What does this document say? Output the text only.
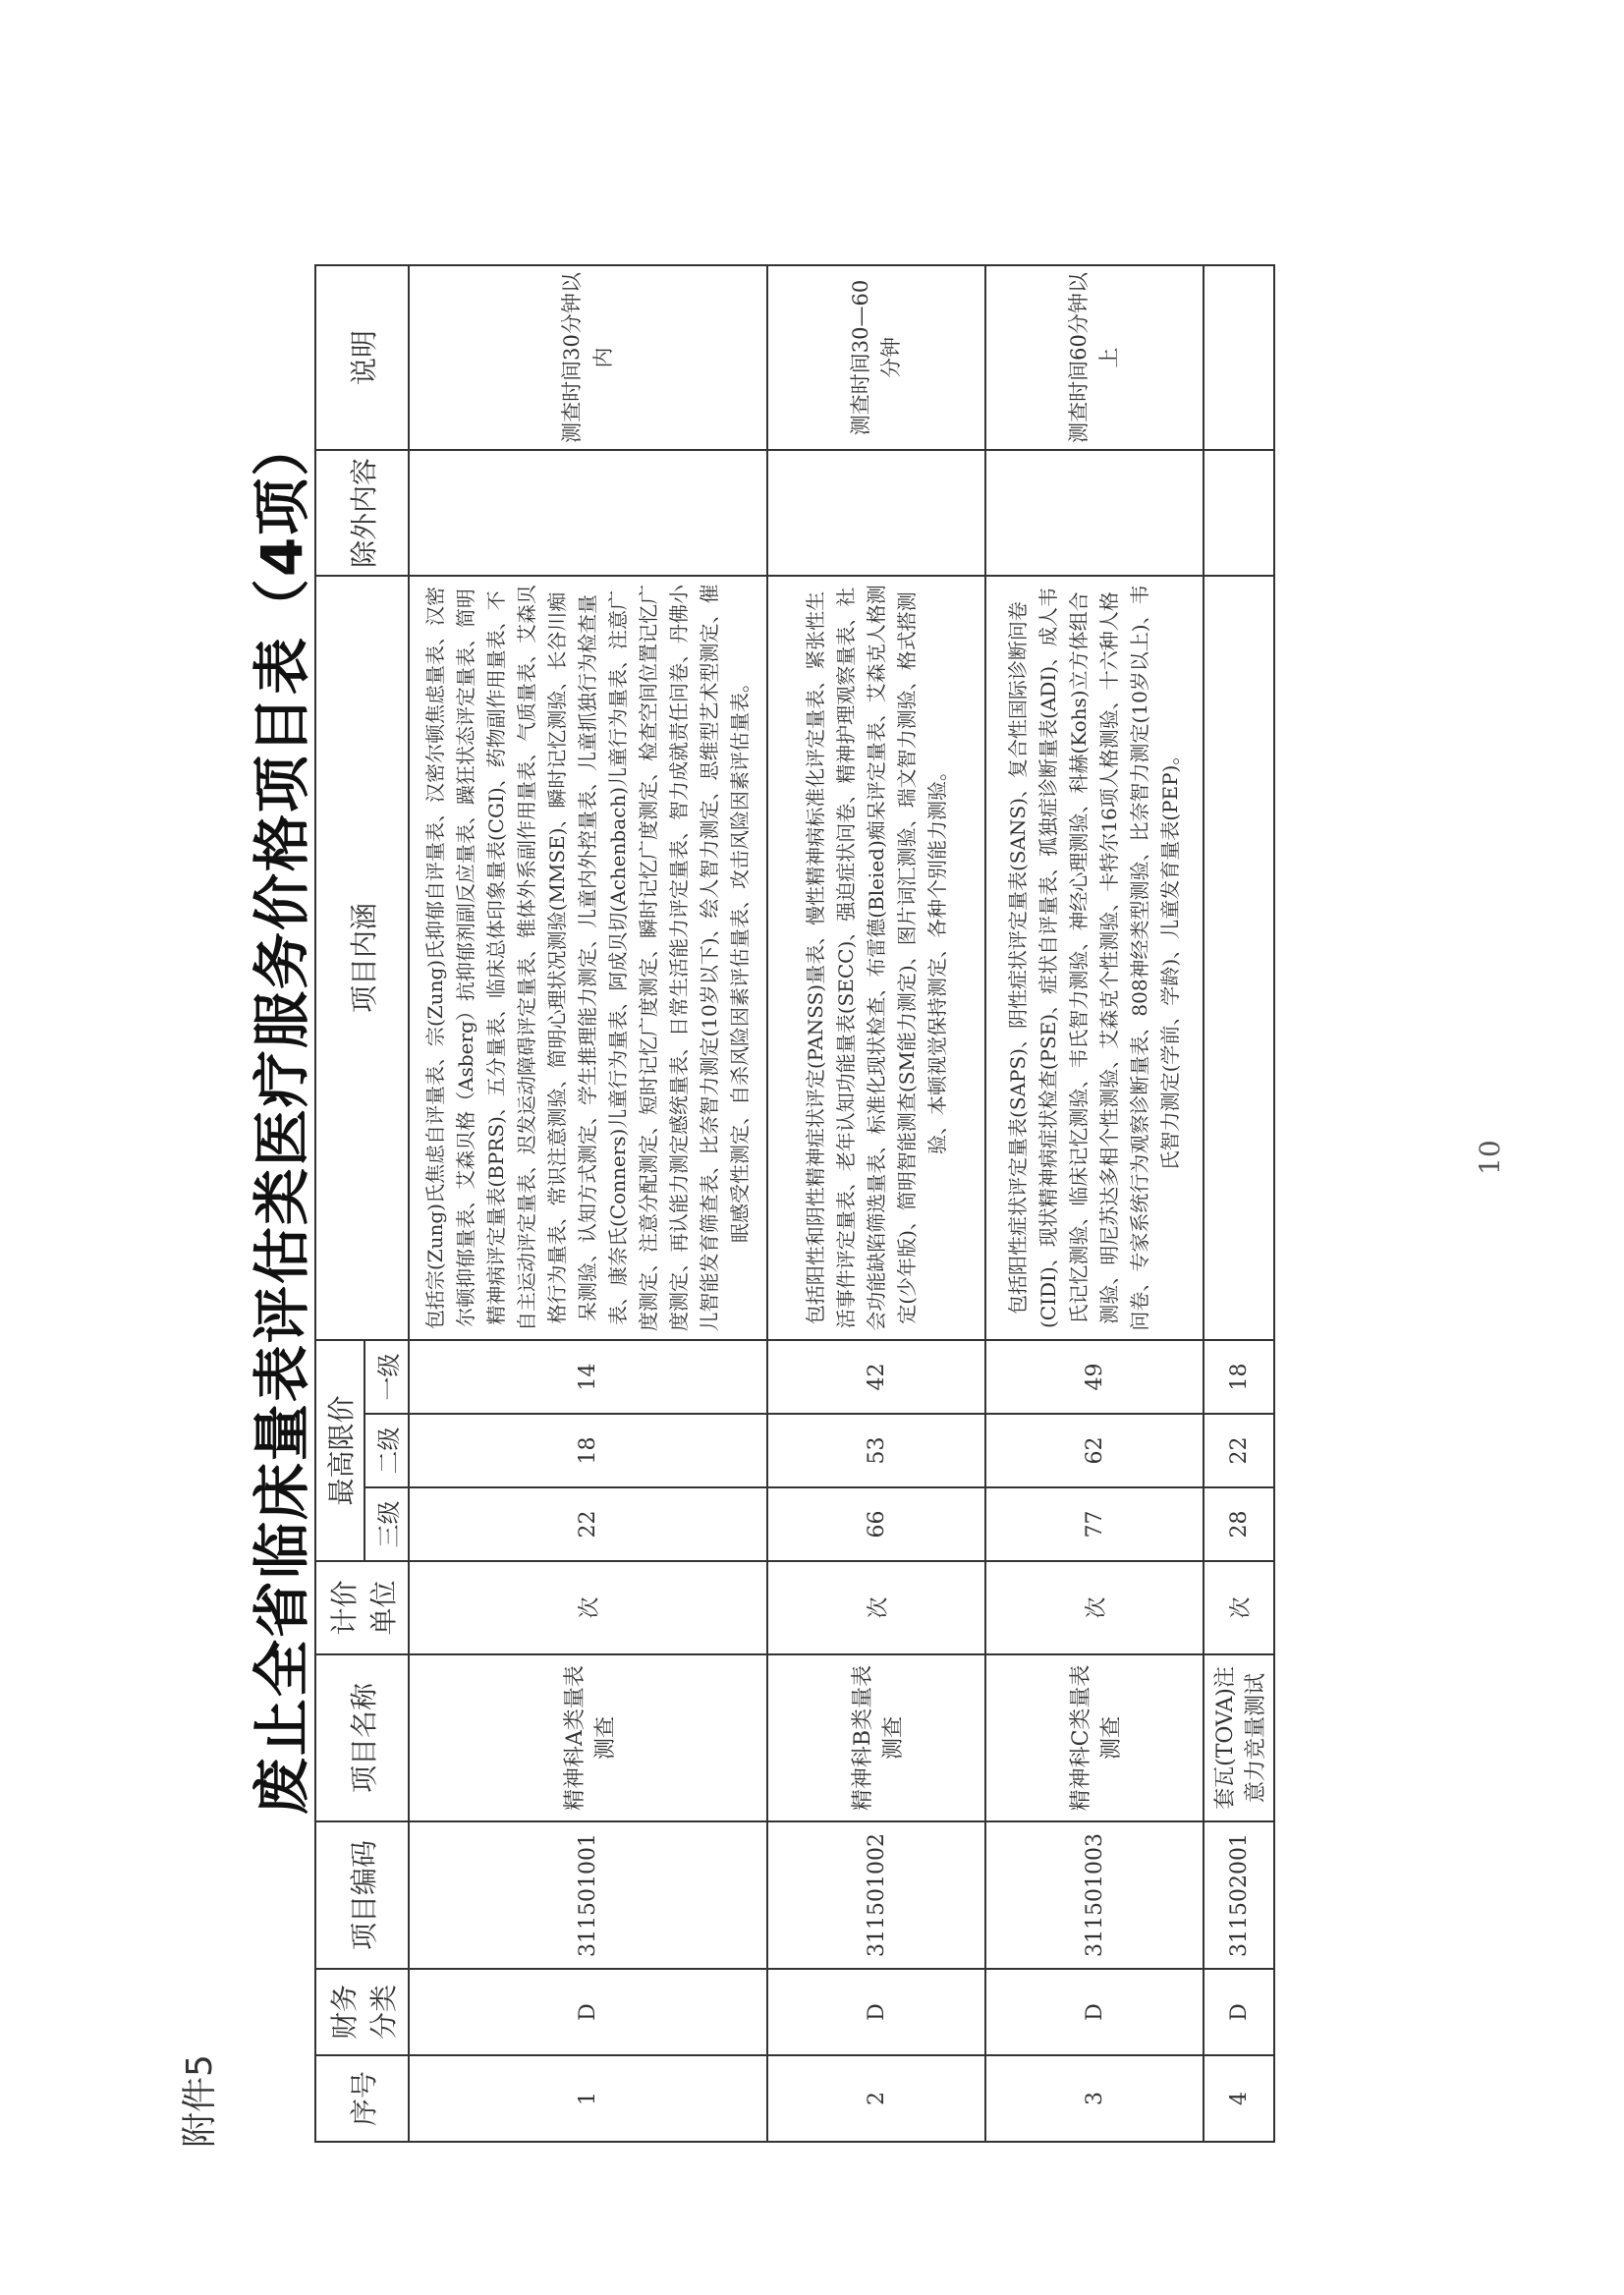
附件5
废止全省临床量表评估类医疗服务价格项目表（4项）
序号	财务分类	项目编码	项目名称	计价单位	最高限价			项目内涵	除外内容	说明
					三级	二级	一级			
1	D	311501001	精神科A类量表测查	次	22	18	14	包括宗(Zung)氏焦虑自评量表、宗(Zung)氏抑郁自评量表、汉密尔顿焦虑量表、汉密尔顿抑郁量表、艾森贝格（Asberg）抗抑郁剂副反应量表、躁狂状态评定量表、简明精神病评定量表(BPRS)、五分量表、临床总体印象量表(CGI)、药物副作用量表、不自主运动评定量表、迟发运动障碍评定量表、锥体外系副作用量表、气质量表、艾森贝格行为量表、常识注意测验、简明心理状况测验(MMSE)、瞬时记忆测验、长谷川痴呆测验、认知方式测定、学生推理能力测定、儿童内外控量表、儿童抓独行为检查量表、康奈氏(Conners)儿童行为量表、阿成贝切(Achenbach)儿童行为量表、注意广度测定、注意分配测定、短时记忆广度测定、瞬时记忆广度测定、检查空间位置记忆广度测定、再认能力测定感统量表、日常生活能力评定量表、智力成就责任问卷、丹佛小儿智能发育筛查表、比奈智力测定(10岁以下)、绘人智力测定、思维型艺术型测定、催眠感受性测定、自杀风险因素评估量表、攻击风险因素评估量表。		测查时间30分钟以内
2	D	311501002	精神科B类量表测查	次	66	53	42	包括阳性和阴性精神症状评定(PANSS)量表、慢性精神病标准化评定量表、紧张性生活事件评定量表、老年认知功能量表(SECC)、强迫症状问卷、精神护理观察量表、社会功能缺陷筛选量表、标准化现状检查、布雷德(Bleied)痴呆评定量表、艾森克人格测定(少年版)、简明智能测查(SM能力测定)、图片词汇测验、瑞文智力测验、格式搭测验、本顿视觉保持测定、各种个别能力测验。		测查时间30—60分钟
3	D	311501003	精神科C类量表测查	次	77	62	49	包括阳性症状评定量表(SAPS)、阴性症状评定量表(SANS)、复合性国际诊断问卷(CIDI)、现状精神病症状检查(PSE)、症状自评量表、孤独症诊断量表(ADI)、成人韦氏记忆测验、临床记忆测验、韦氏智力测验、神经心理测验、科赫(Kohs)立方体组合测验、明尼苏达多相个性测验、艾森克个性测验、卡特尔16项人格测验、十六种人格问卷、专家系统行为观察诊断量表、808神经类型测验、比奈智力测定(10岁以上)、韦氏智力测定(学前、学龄)、儿童发育量表(PEP)。		测查时间60分钟以上
4	D	311502001	套瓦(TOVA)注意力竞量测试	次	28	22	18			
10
